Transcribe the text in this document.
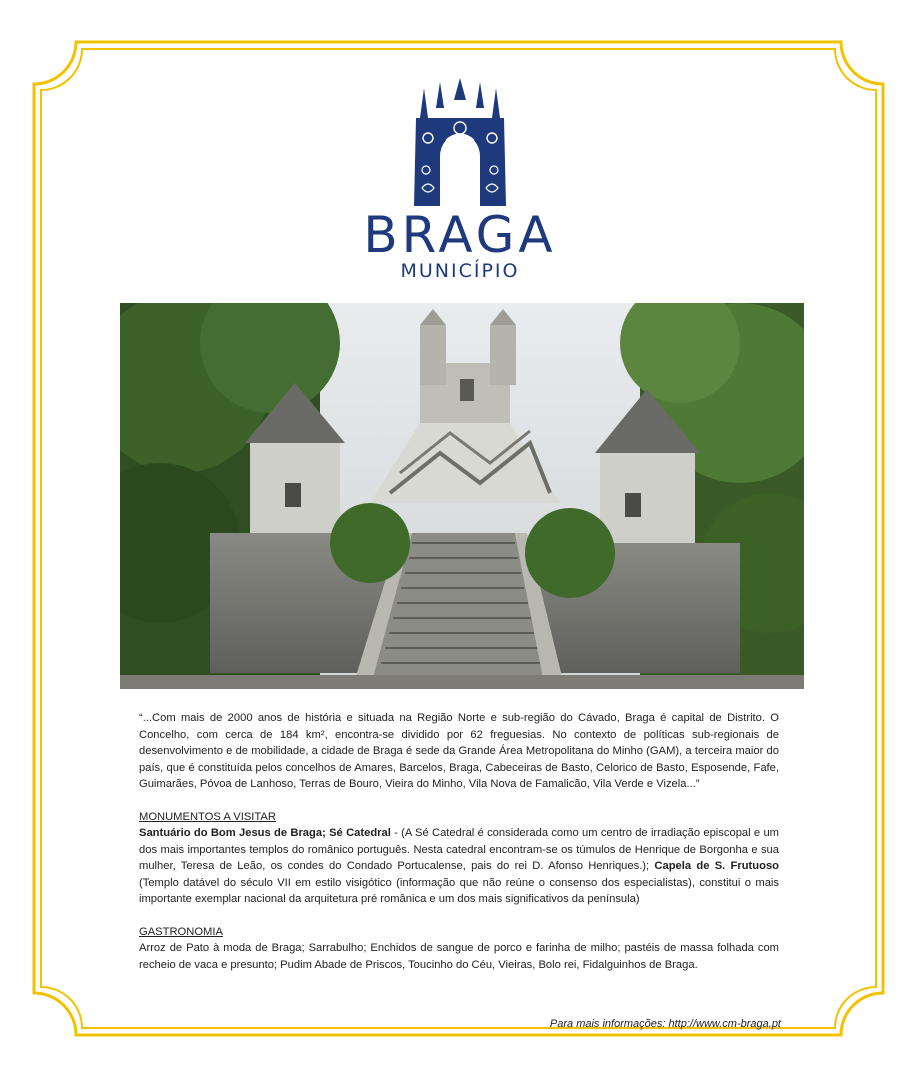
BRAGA
MUNICÍPIO

“...Com mais de 2000 anos de história e situada na Região Norte e sub-região do Cávado, Braga é capital de Distrito. O Concelho, com cerca de 184 km², encontra-se dividido por 62 freguesias. No contexto de políticas sub-regionais de desenvolvimento e de mobilidade, a cidade de Braga é sede da Grande Área Metropolitana do Minho (GAM), a terceira maior do país, que é constituída pelos concelhos de Amares, Barcelos, Braga, Cabeceiras de Basto, Celorico de Basto, Esposende, Fafe, Guimarães, Póvoa de Lanhoso, Terras de Bouro, Vieira do Minho, Vila Nova de Famalicão, Vila Verde e Vizela...”

MONUMENTOS A VISITAR

Santuário do Bom Jesus de Braga; Sé Catedral - (A Sé Catedral é considerada como um centro de irradiação episcopal e um dos mais importantes templos do românico português. Nesta catedral encontram-se os túmulos de Henrique de Borgonha e sua mulher, Teresa de Leão, os condes do Condado Portucalense, pais do rei D. Afonso Henriques.); Capela de S. Frutuoso (Templo datável do século VII em estilo visigótico (informação que não reúne o consenso dos especialistas), constitui o mais importante exemplar nacional da arquitetura pré românica e um dos mais significativos da península)

GASTRONOMIA

Arroz de Pato à moda de Braga; Sarrabulho; Enchidos de sangue de porco e farinha de milho; pastéis de massa folhada com recheio de vaca e presunto; Pudim Abade de Priscos, Toucinho do Céu, Vieiras, Bolo rei, Fidalguinhos de Braga.

Para mais informações: http://www.cm-braga.pt
